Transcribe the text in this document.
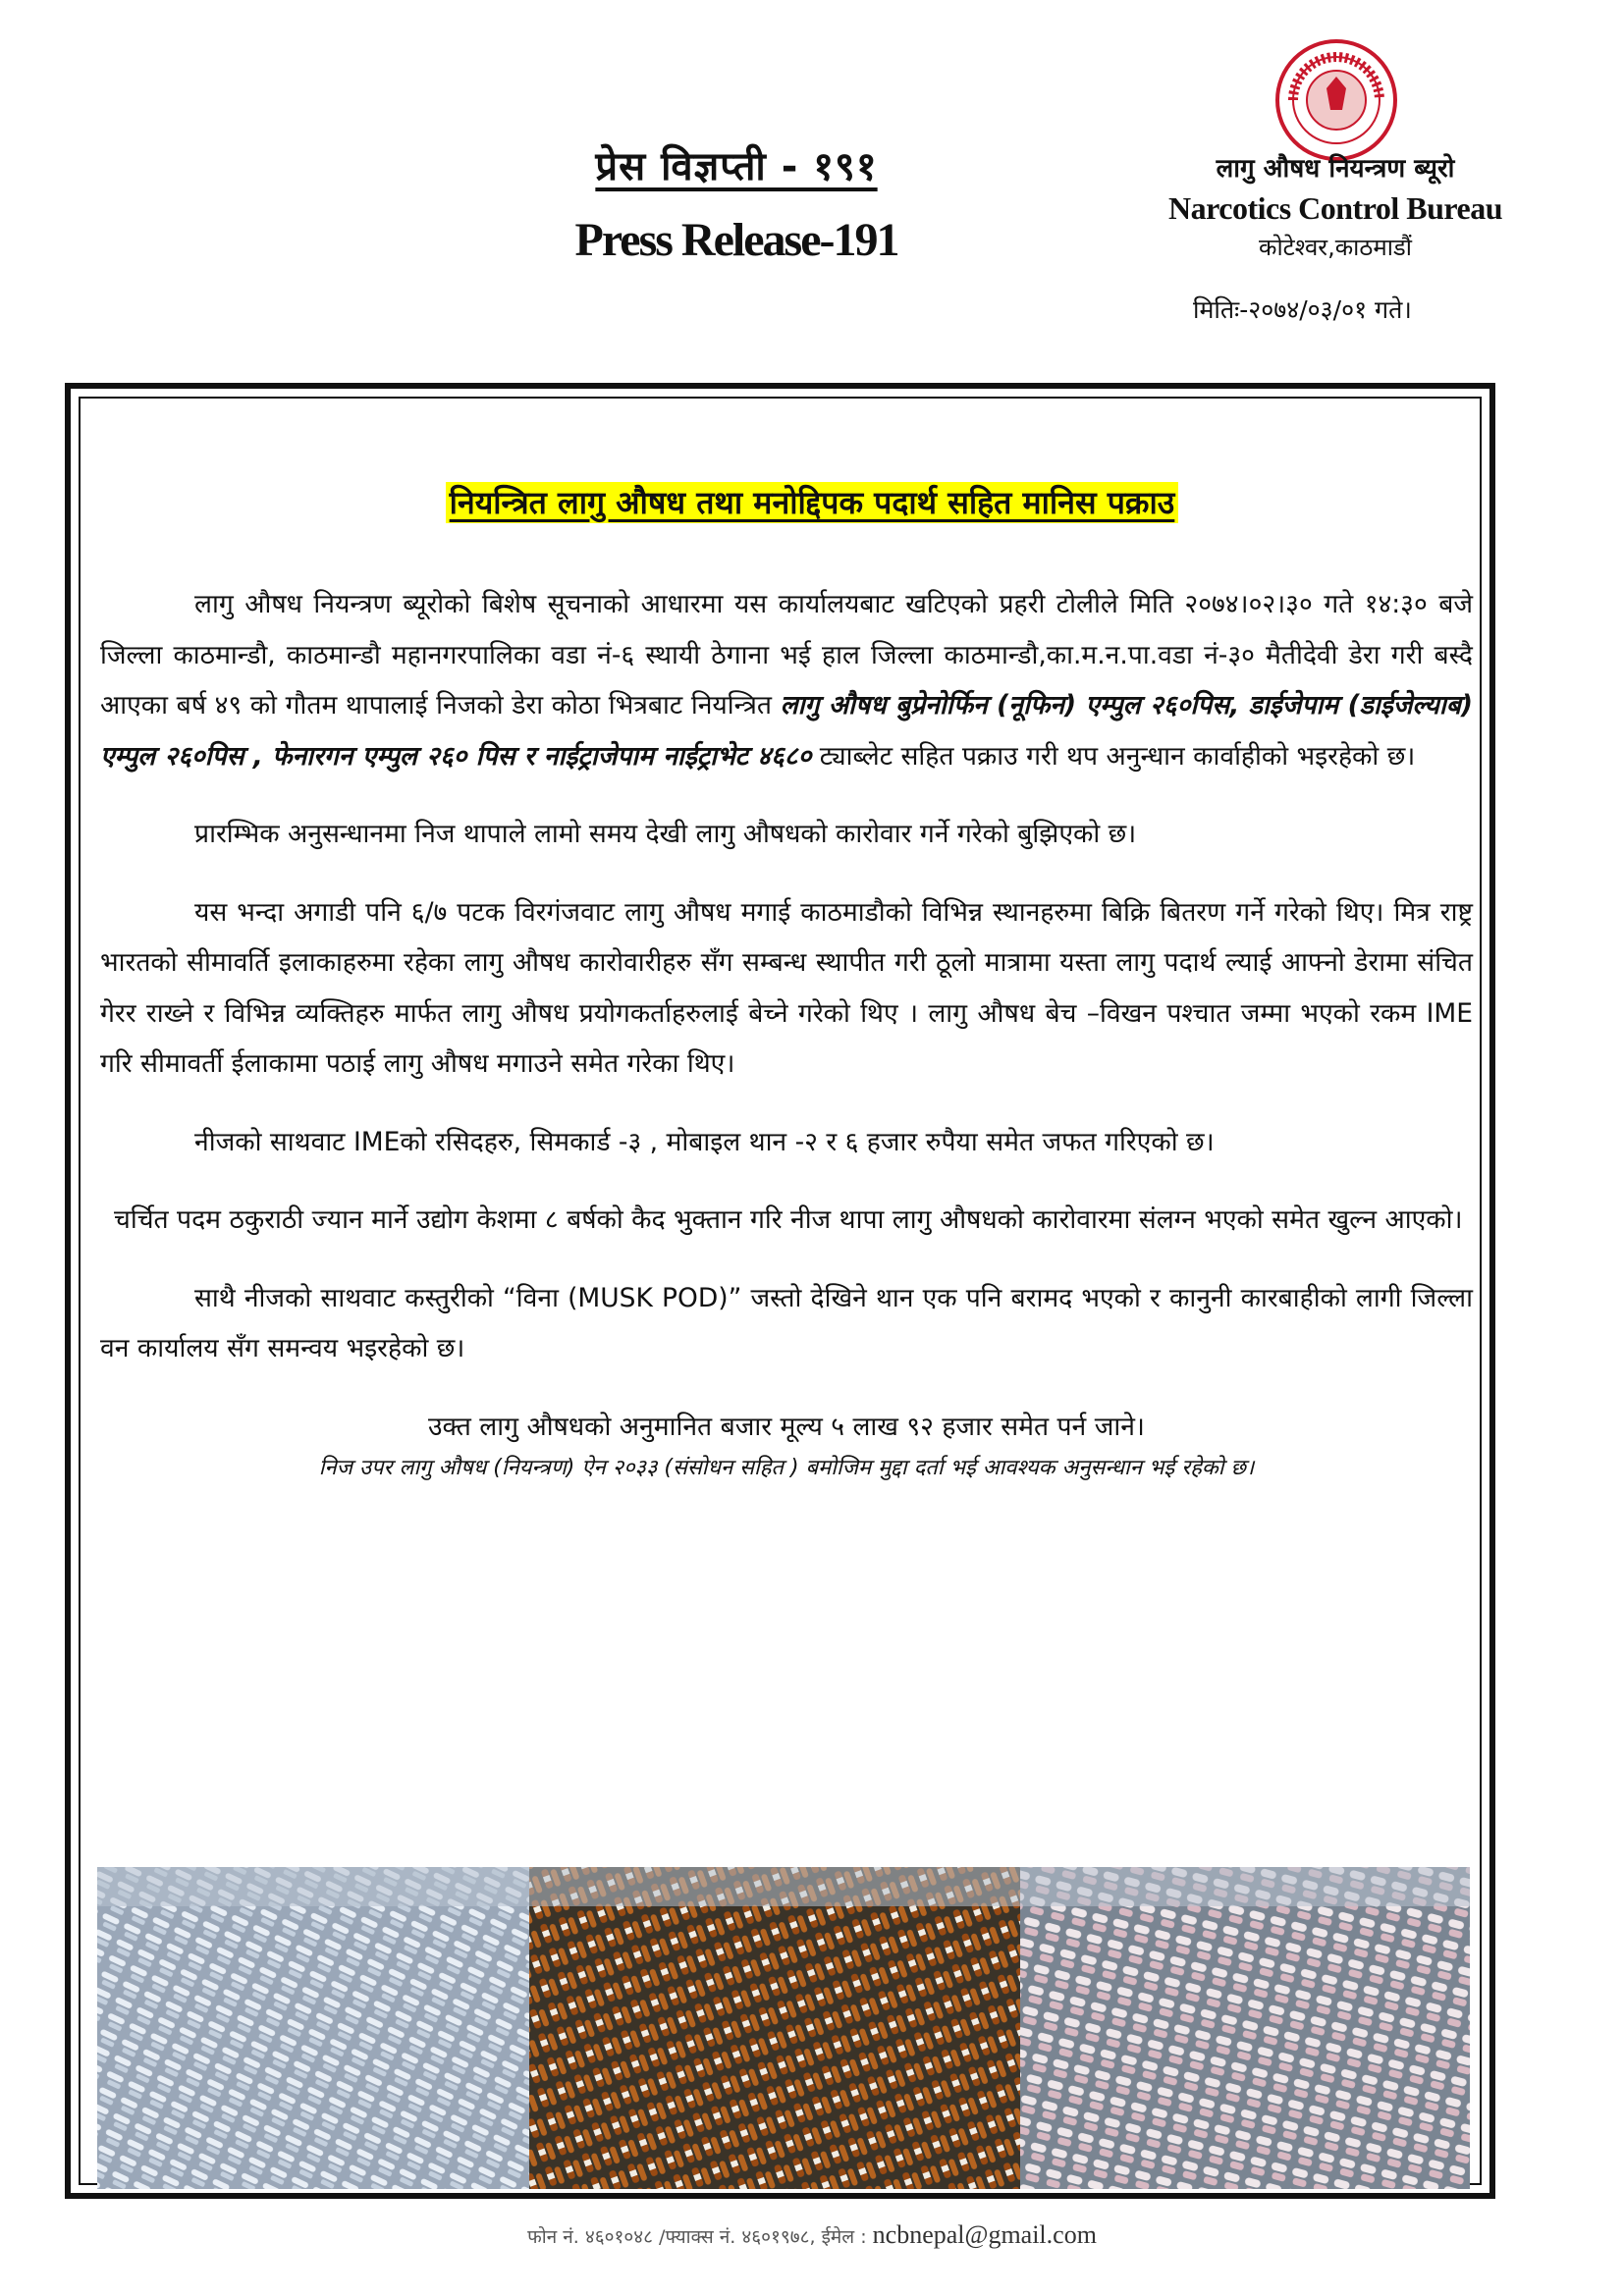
प्रेस विज्ञप्ती - १९१
Press Release-191
लागु औषध नियन्त्रण ब्यूरो
Narcotics Control Bureau
कोटेश्वर,काठमाडौं
मितिः-२०७४/०३/०१ गते।
नियन्त्रित लागु औषध तथा मनोद्दिपक पदार्थ सहित मानिस पक्राउ

लागु औषध नियन्त्रण ब्यूरोको बिशेष सूचनाको आधारमा यस कार्यालयबाट खटिएको प्रहरी टोलीले मिति २०७४।०२।३० गते १४:३० बजे जिल्ला काठमान्डौ, काठमान्डौ महानगरपालिका वडा नं-६ स्थायी ठेगाना भई हाल जिल्ला काठमान्डौ,का.म.न.पा.वडा नं-३० मैतीदेवी डेरा गरी बस्दै आएका बर्ष ४९ को गौतम थापालाई निजको डेरा कोठा भित्रबाट नियन्त्रित लागु औषध बुप्रेनोर्फिन (नूफिन) एम्पुल २६०पिस, डाईजेपाम (डाईजेल्याब) एम्पुल २६०पिस , फेनारगन एम्पुल २६० पिस र नाईट्राजेपाम नाईट्राभेट ४६८० ट्याब्लेट सहित पक्राउ गरी थप अनुन्धान कार्वाहीको भइरहेको छ।

प्रारम्भिक अनुसन्धानमा निज थापाले लामो समय देखी लागु औषधको कारोवार गर्ने गरेको बुझिएको छ।

यस भन्दा अगाडी पनि ६/७ पटक विरगंजवाट लागु औषध मगाई काठमाडौको विभिन्न स्थानहरुमा बिक्रि बितरण गर्ने गरेको थिए। मित्र राष्ट्र भारतको सीमावर्ति इलाकाहरुमा रहेका लागु औषध कारोवारीहरु सँग सम्बन्ध स्थापीत गरी ठूलो मात्रामा यस्ता लागु पदार्थ ल्याई आफ्नो डेरामा संचित गेरर राख्ने र विभिन्न व्यक्तिहरु मार्फत लागु औषध प्रयोगकर्ताहरुलाई बेच्ने गरेको थिए । लागु औषध बेच –विखन पश्चात जम्मा भएको रकम IME गरि सीमावर्ती ईलाकामा पठाई लागु औषध मगाउने समेत गरेका थिए।

नीजको साथवाट IMEको रसिदहरु, सिमकार्ड -३ , मोबाइल थान -२ र ६ हजार रुपैया समेत जफत गरिएको छ।

चर्चित पदम ठकुराठी ज्यान मार्ने उद्योग केशमा ८ बर्षको कैद भुक्तान गरि नीज थापा लागु औषधको कारोवारमा संलग्न भएको समेत खुल्न आएको।

साथै नीजको साथवाट कस्तुरीको “विना (MUSK POD)” जस्तो देखिने थान एक पनि बरामद भएको र कानुनी कारबाहीको लागी जिल्ला वन कार्यालय सँग समन्वय भइरहेको छ।

उक्त लागु औषधको अनुमानित बजार मूल्य ५ लाख ९२ हजार समेत पर्न जाने।

निज उपर लागु औषध (नियन्त्रण) ऐन २०३३ (संसोधन सहित ) बमोजिम मुद्दा दर्ता भई आवश्यक अनुसन्धान भई रहेको छ।

फोन नं. ४६०१०४८ /फ्याक्स नं. ४६०१९७८, ईमेल : ncbnepal@gmail.com
